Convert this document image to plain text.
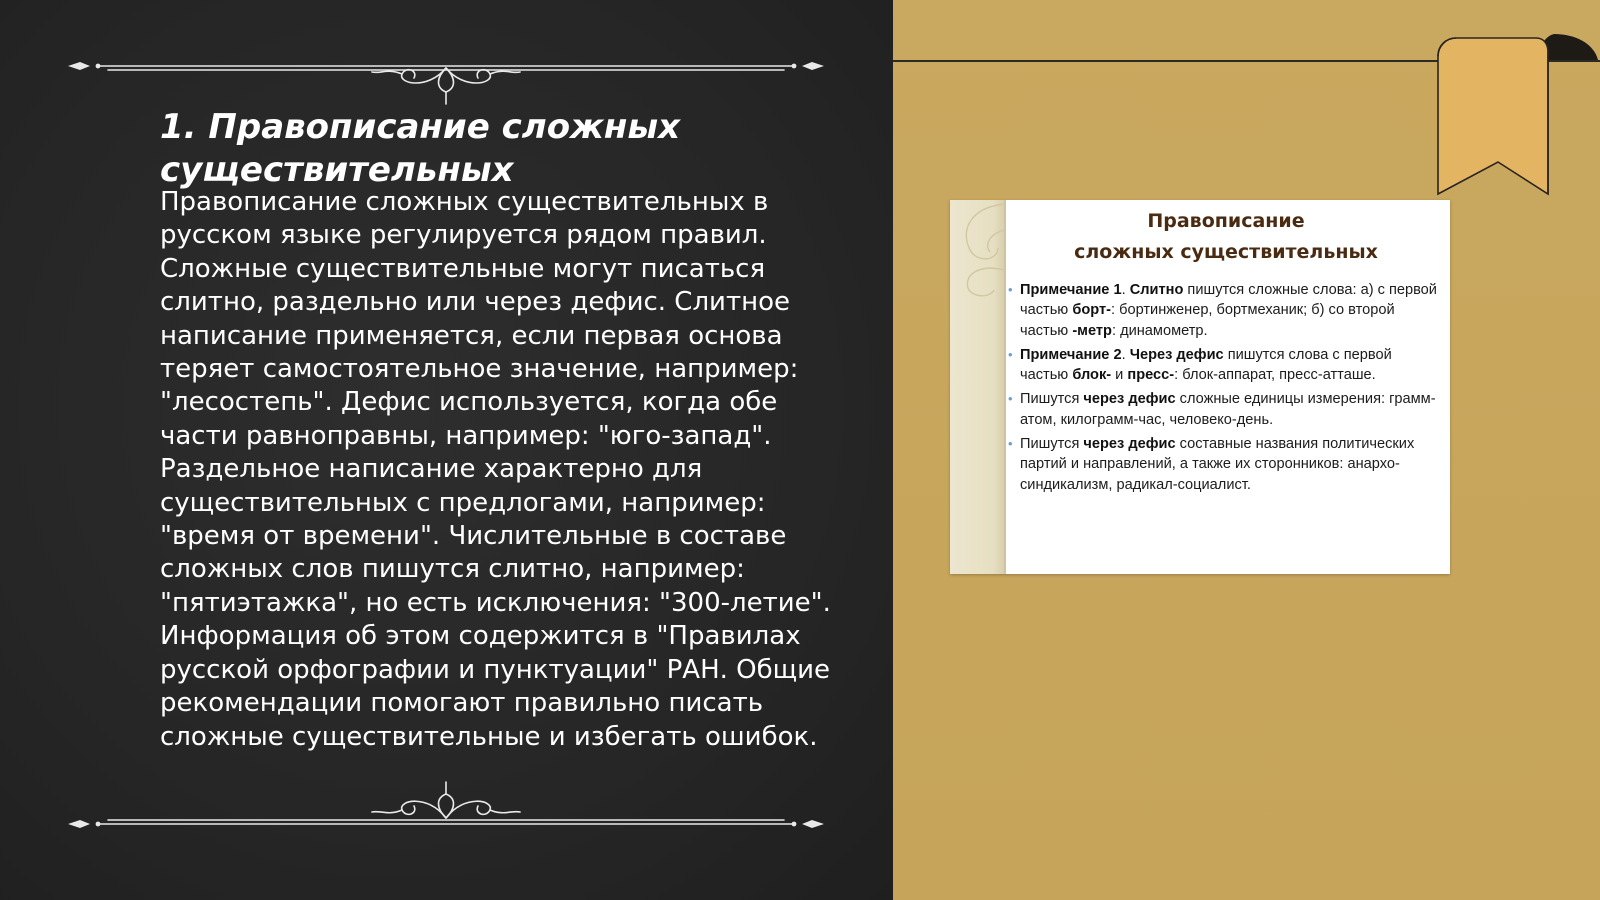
1. Правописание сложных существительных

Правописание сложных существительных в русском языке регулируется рядом правил. Сложные существительные могут писаться слитно, раздельно или через дефис. Слитное написание применяется, если первая основа теряет самостоятельное значение, например: "лесостепь". Дефис используется, когда обе части равноправны, например: "юго-запад". Раздельное написание характерно для существительных с предлогами, например: "время от времени". Числительные в составе сложных слов пишутся слитно, например: "пятиэтажка", но есть исключения: "300-летие". Информация об этом содержится в "Правилах русской орфографии и пунктуации" РАН. Общие рекомендации помогают правильно писать сложные существительные и избегать ошибок.

Правописание
сложных существительных
• Примечание 1. Слитно пишутся сложные слова: а) с первой частью борт-: бортинженер, бортмеханик; б) со второй частью -метр: динамометр.
• Примечание 2. Через дефис пишутся слова с первой частью блок- и пресс-: блок-аппарат, пресс-атташе.
• Пишутся через дефис сложные единицы измерения: грамм-атом, килограмм-час, человеко-день.
• Пишутся через дефис составные названия политических партий и направлений, а также их сторонников: анархо-синдикализм, радикал-социалист.
